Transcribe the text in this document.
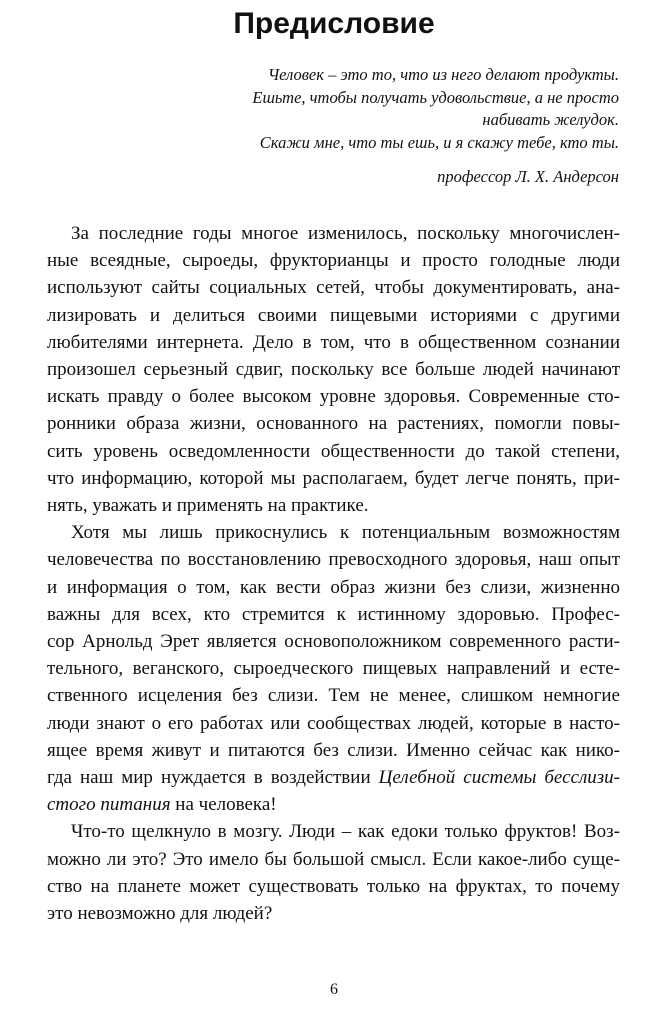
Предисловие
Человек – это то, что из него делают продукты.
Ешьте, чтобы получать удовольствие, а не просто
набивать желудок.
Скажи мне, что ты ешь, и я скажу тебе, кто ты.
профессор Л. Х. Андерсон
За последние годы многое изменилось, поскольку многочислен-
ные всеядные, сыроеды, фрукторианцы и просто голодные люди
используют сайты социальных сетей, чтобы документировать, ана-
лизировать и делиться своими пищевыми историями с другими
любителями интернета. Дело в том, что в общественном сознании
произошел серьезный сдвиг, поскольку все больше людей начинают
искать правду о более высоком уровне здоровья. Современные сто-
ронники образа жизни, основанного на растениях, помогли повы-
сить уровень осведомленности общественности до такой степени,
что информацию, которой мы располагаем, будет легче понять, при-
нять, уважать и применять на практике.
Хотя мы лишь прикоснулись к потенциальным возможностям
человечества по восстановлению превосходного здоровья, наш опыт
и информация о том, как вести образ жизни без слизи, жизненно
важны для всех, кто стремится к истинному здоровью. Профес-
сор Арнольд Эрет является основоположником современного расти-
тельного, веганского, сыроедческого пищевых направлений и есте-
ственного исцеления без слизи. Тем не менее, слишком немногие
люди знают о его работах или сообществах людей, которые в насто-
ящее время живут и питаются без слизи. Именно сейчас как нико-
гда наш мир нуждается в воздействии Целебной системы бесслизи-
стого питания на человека!
Что-то щелкнуло в мозгу. Люди – как едоки только фруктов! Воз-
можно ли это? Это имело бы большой смысл. Если какое-либо суще-
ство на планете может существовать только на фруктах, то почему
это невозможно для людей?
6
